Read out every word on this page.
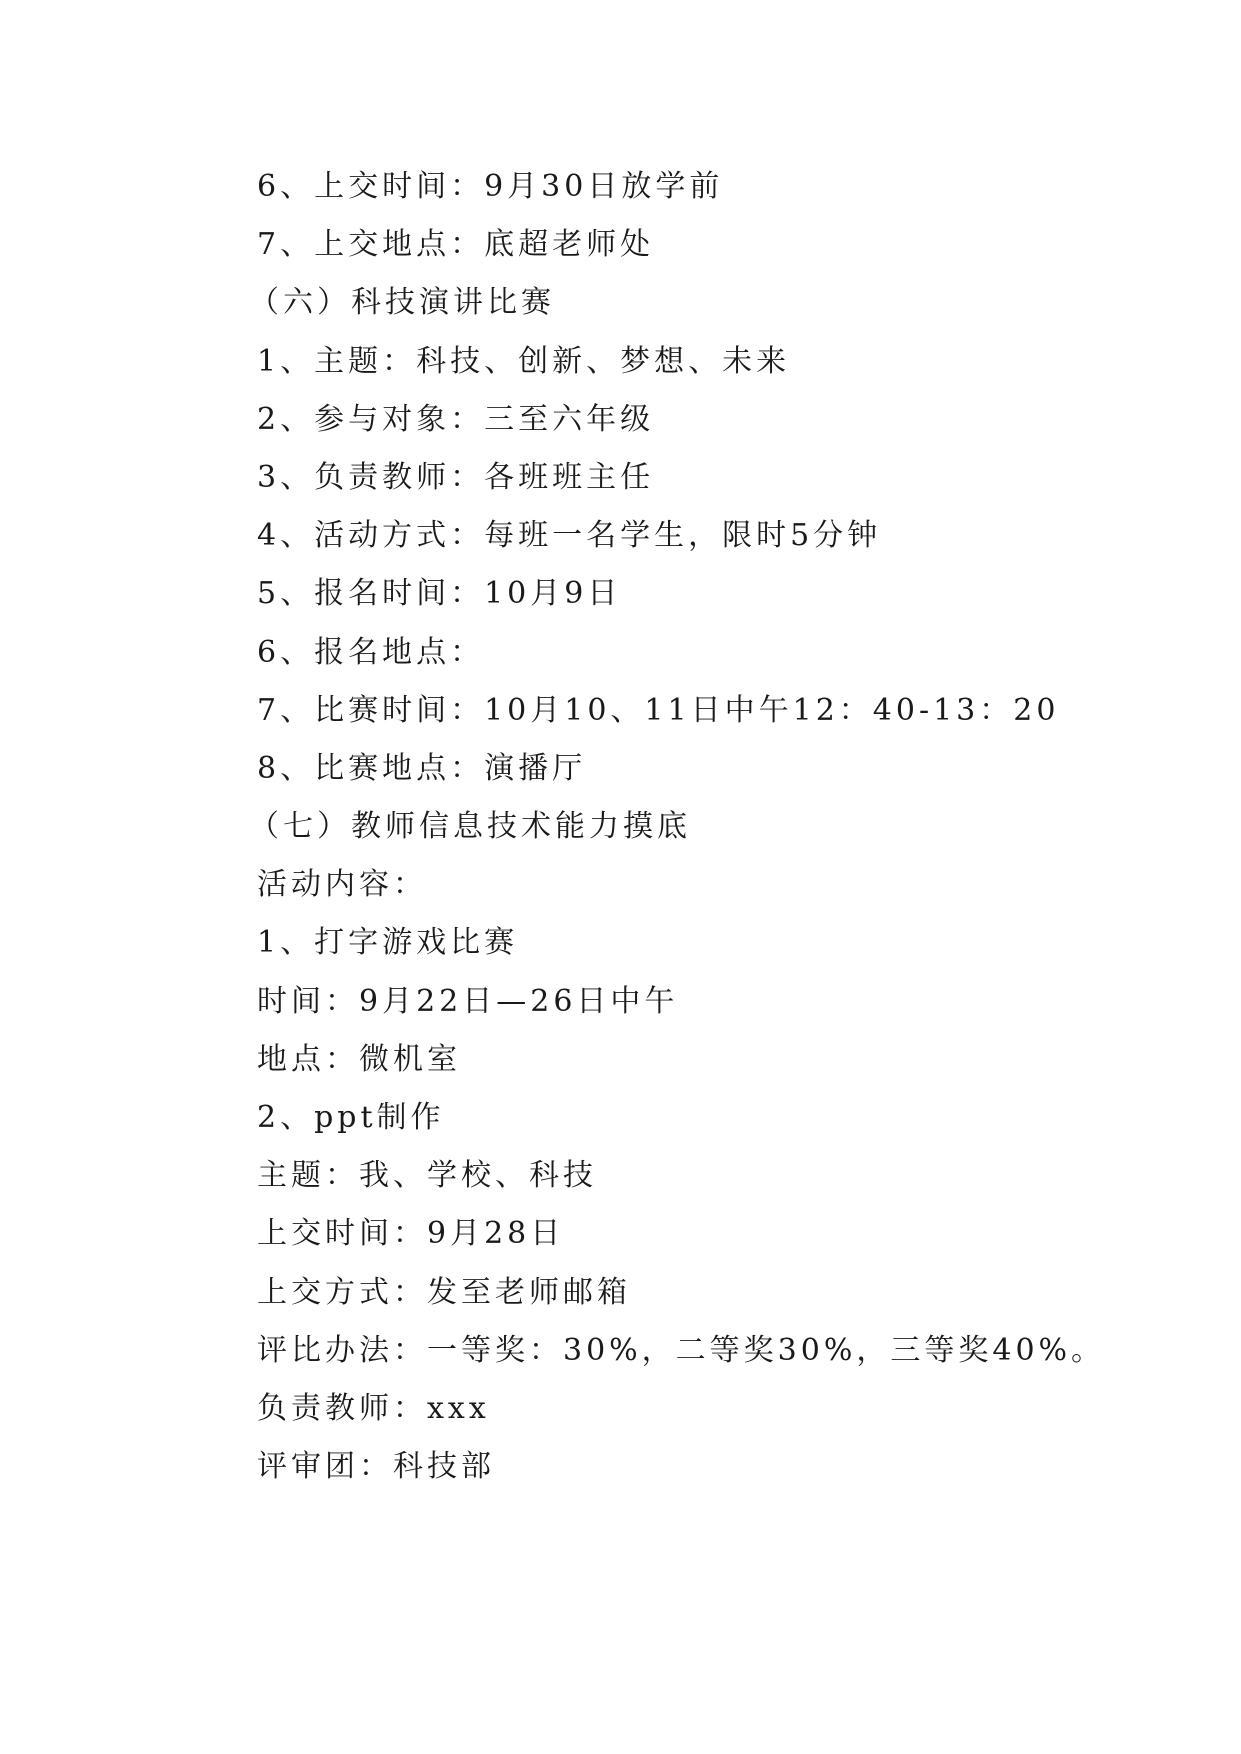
6、上交时间：9月30日放学前
7、上交地点：底超老师处
（六）科技演讲比赛
1、主题：科技、创新、梦想、未来
2、参与对象：三至六年级
3、负责教师：各班班主任
4、活动方式：每班一名学生，限时5分钟
5、报名时间：10月9日
6、报名地点：
7、比赛时间：10月10、11日中午12：40-13：20
8、比赛地点：演播厅
（七）教师信息技术能力摸底
活动内容：
1、打字游戏比赛
时间：9月22日—26日中午
地点：微机室
2、ppt制作
主题：我、学校、科技
上交时间：9月28日
上交方式：发至老师邮箱
评比办法：一等奖：30%，二等奖30%，三等奖40%。
负责教师：xxx
评审团：科技部
